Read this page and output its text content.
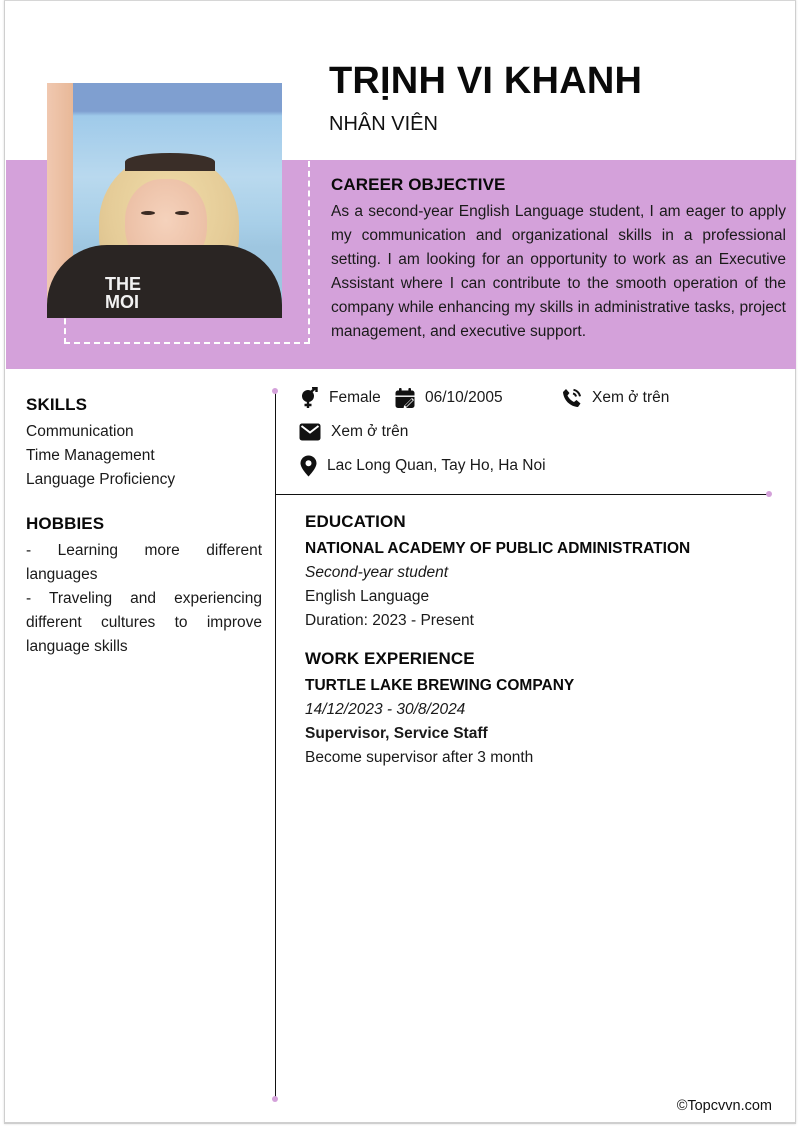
THE
MOI
TRỊNH VI KHANH
NHÂN VIÊN
CAREER OBJECTIVE

As a second-year English Language student, I am eager to apply my communication and organizational skills in a professional setting. I am looking for an opportunity to work as an Executive Assistant where I can contribute to the smooth operation of the company while enhancing my skills in administrative tasks, project management, and executive support.

Female	06/10/2005	Xem ở trên
Xem ở trên
Lac Long Quan, Tay Ho, Ha Noi
SKILLS
Communication
Time Management
Language Proficiency
HOBBIES
- Learning more different languages
- Traveling and experiencing different cultures to improve language skills
EDUCATION
NATIONAL ACADEMY OF PUBLIC ADMINISTRATION
Second-year student
English Language
Duration: 2023 - Present
WORK EXPERIENCE
TURTLE LAKE BREWING COMPANY
14/12/2023 - 30/8/2024
Supervisor, Service Staff
Become supervisor after 3 month
©Topcvvn.com
